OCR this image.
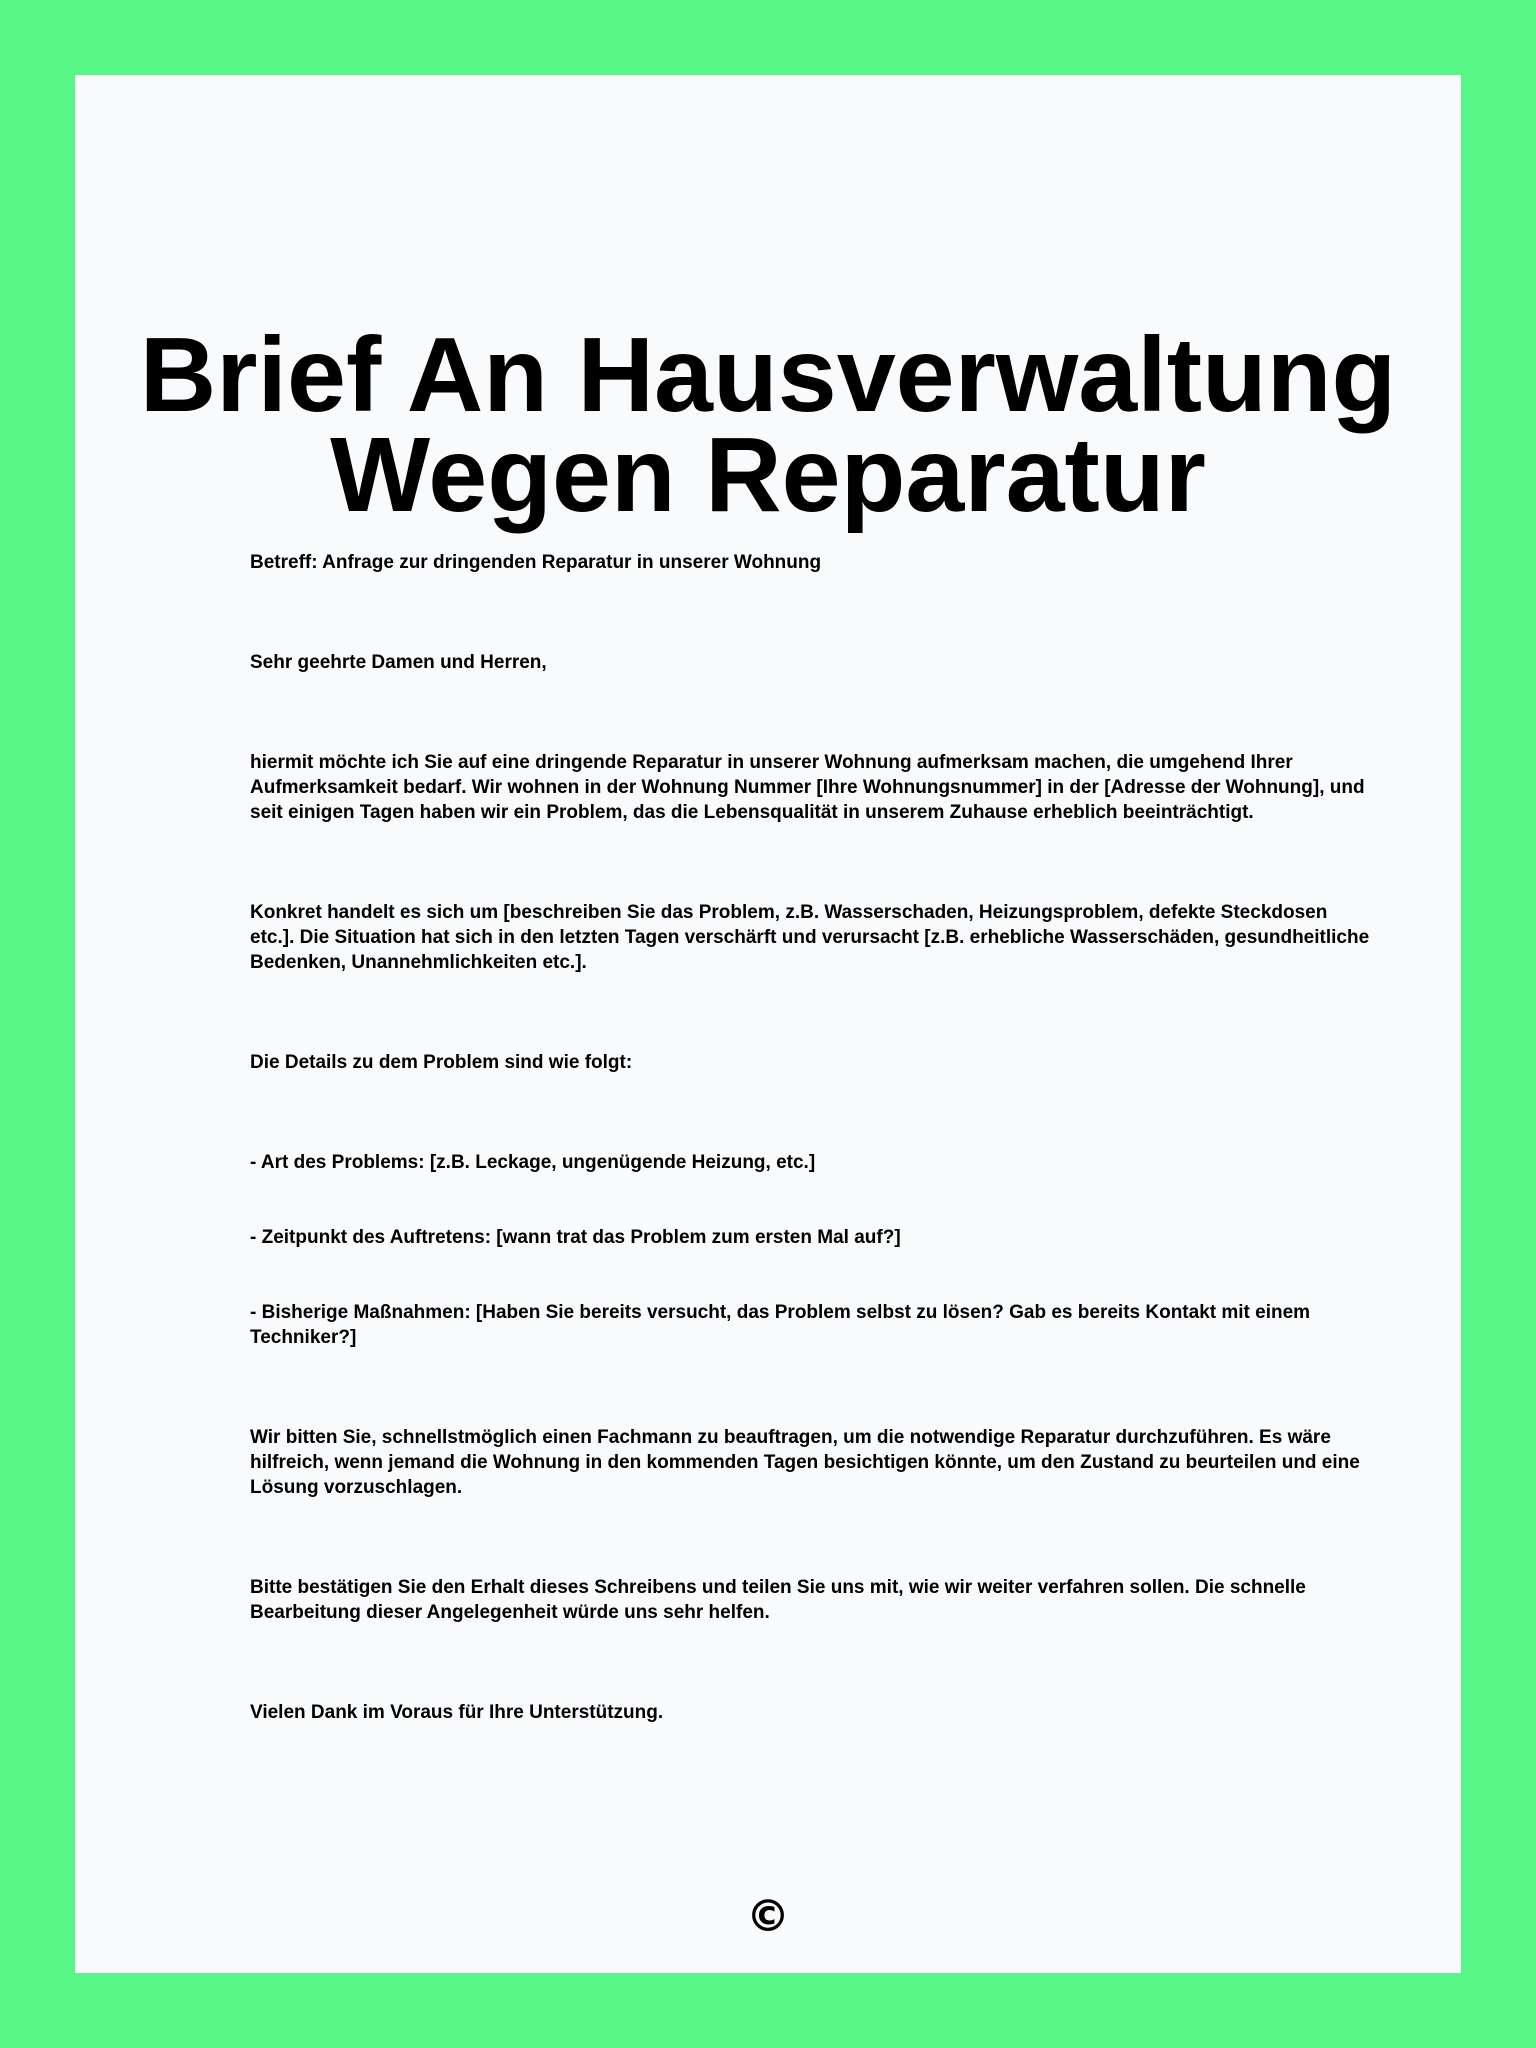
Brief An Hausverwaltung
Wegen Reparatur

Betreff: Anfrage zur dringenden Reparatur in unserer Wohnung

Sehr geehrte Damen und Herren,

hiermit möchte ich Sie auf eine dringende Reparatur in unserer Wohnung aufmerksam machen, die umgehend Ihrer Aufmerksamkeit bedarf. Wir wohnen in der Wohnung Nummer [Ihre Wohnungsnummer] in der [Adresse der Wohnung], und seit einigen Tagen haben wir ein Problem, das die Lebensqualität in unserem Zuhause erheblich beeinträchtigt.

Konkret handelt es sich um [beschreiben Sie das Problem, z.B. Wasserschaden, Heizungsproblem, defekte Steckdosen etc.]. Die Situation hat sich in den letzten Tagen verschärft und verursacht [z.B. erhebliche Wasserschäden, gesundheitliche Bedenken, Unannehmlichkeiten etc.].

Die Details zu dem Problem sind wie folgt:

- Art des Problems: [z.B. Leckage, ungenügende Heizung, etc.]

- Zeitpunkt des Auftretens: [wann trat das Problem zum ersten Mal auf?]

- Bisherige Maßnahmen: [Haben Sie bereits versucht, das Problem selbst zu lösen? Gab es bereits Kontakt mit einem Techniker?]

Wir bitten Sie, schnellstmöglich einen Fachmann zu beauftragen, um die notwendige Reparatur durchzuführen. Es wäre hilfreich, wenn jemand die Wohnung in den kommenden Tagen besichtigen könnte, um den Zustand zu beurteilen und eine Lösung vorzuschlagen.

Bitte bestätigen Sie den Erhalt dieses Schreibens und teilen Sie uns mit, wie wir weiter verfahren sollen. Die schnelle Bearbeitung dieser Angelegenheit würde uns sehr helfen.

Vielen Dank im Voraus für Ihre Unterstützung.

©
